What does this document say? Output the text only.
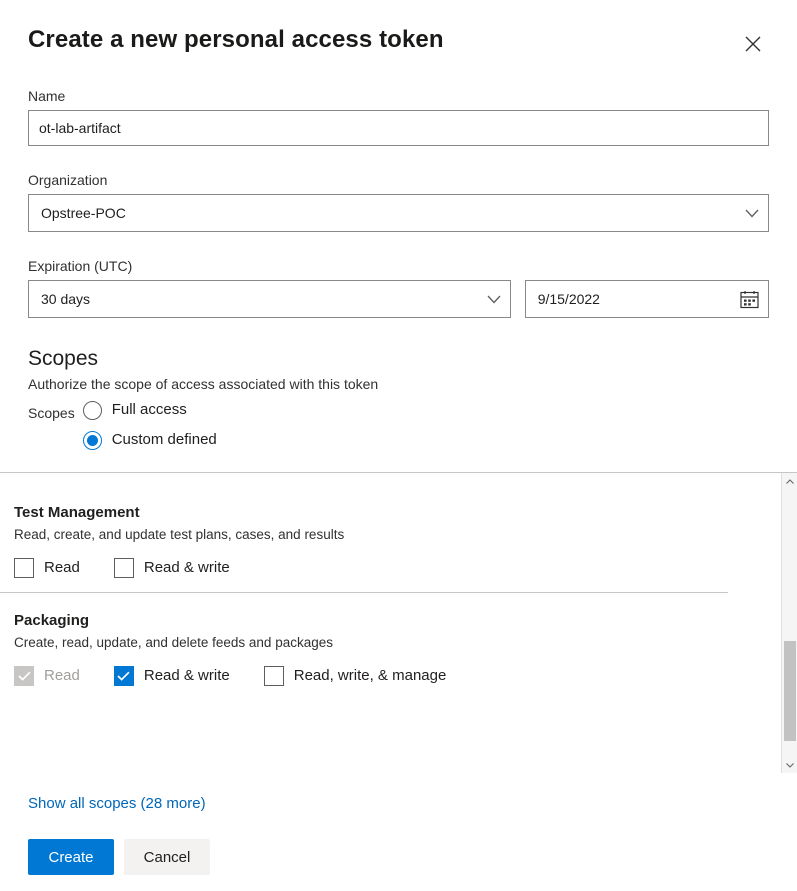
Create a new personal access token
Name
ot-lab-artifact
Organization
Opstree-POC
Expiration (UTC)
30 days	9/15/2022
Scopes
Authorize the scope of access associated with this token
Scopes Full access
Custom defined
Test Management
Read, create, and update test plans, cases, and results
Read	Read & write
Packaging
Create, read, update, and delete feeds and packages
Read	Read & write	Read, write, & manage
Show all scopes (28 more)
Create	Cancel
